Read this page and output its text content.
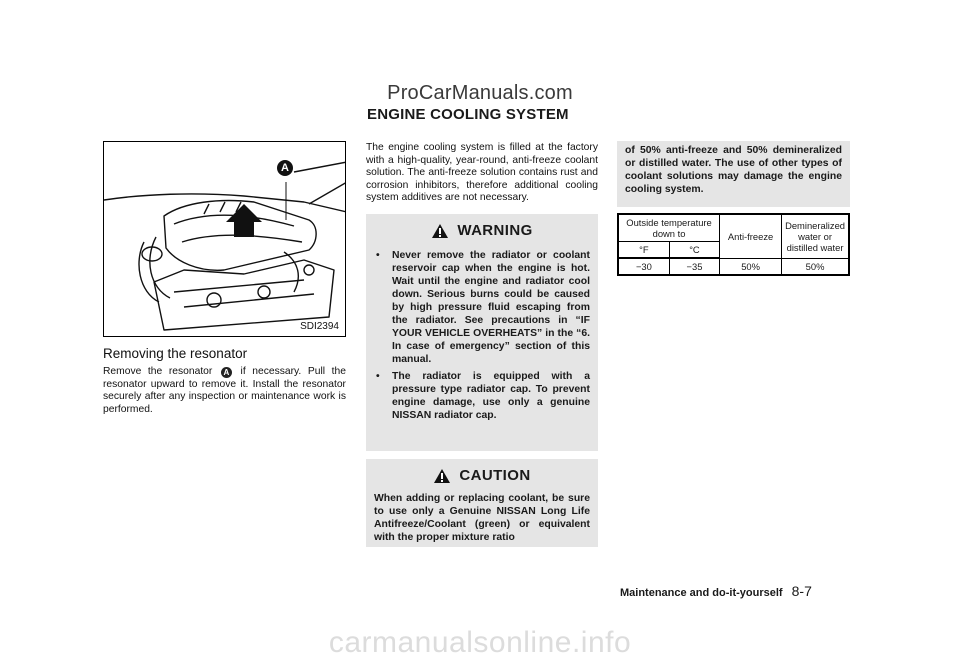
ProCarManuals.com
ENGINE COOLING SYSTEM
A
SDI2394
Removing the resonator
Remove the resonator A if necessary. Pull the resonator upward to remove it. Install the resonator securely after any inspection or maintenance work is performed.
The engine cooling system is filled at the factory with a high-quality, year-round, anti-freeze coolant solution. The anti-freeze solution contains rust and corrosion inhibitors, therefore additional cooling system additives are not necessary.
WARNING
• Never remove the radiator or coolant reservoir cap when the engine is hot. Wait until the engine and radiator cool down. Serious burns could be caused by high pressure fluid escaping from the radiator. See precautions in “IF YOUR VEHICLE OVERHEATS” in the “6. In case of emergency” section of this manual.
• The radiator is equipped with a pressure type radiator cap. To prevent engine damage, use only a genuine NISSAN radiator cap.
CAUTION
When adding or replacing coolant, be sure to use only a Genuine NISSAN Long Life Antifreeze/Coolant (green) or equivalent with the proper mixture ratio
of 50% anti-freeze and 50% demineralized or distilled water. The use of other types of coolant solutions may damage the engine cooling system.
Outside temperature down to		Anti-freeze	Demineralized water or distilled water
°F	°C		
−30	−35	50%	50%
Maintenance and do-it-yourself 8-7
carmanualsonline.info
